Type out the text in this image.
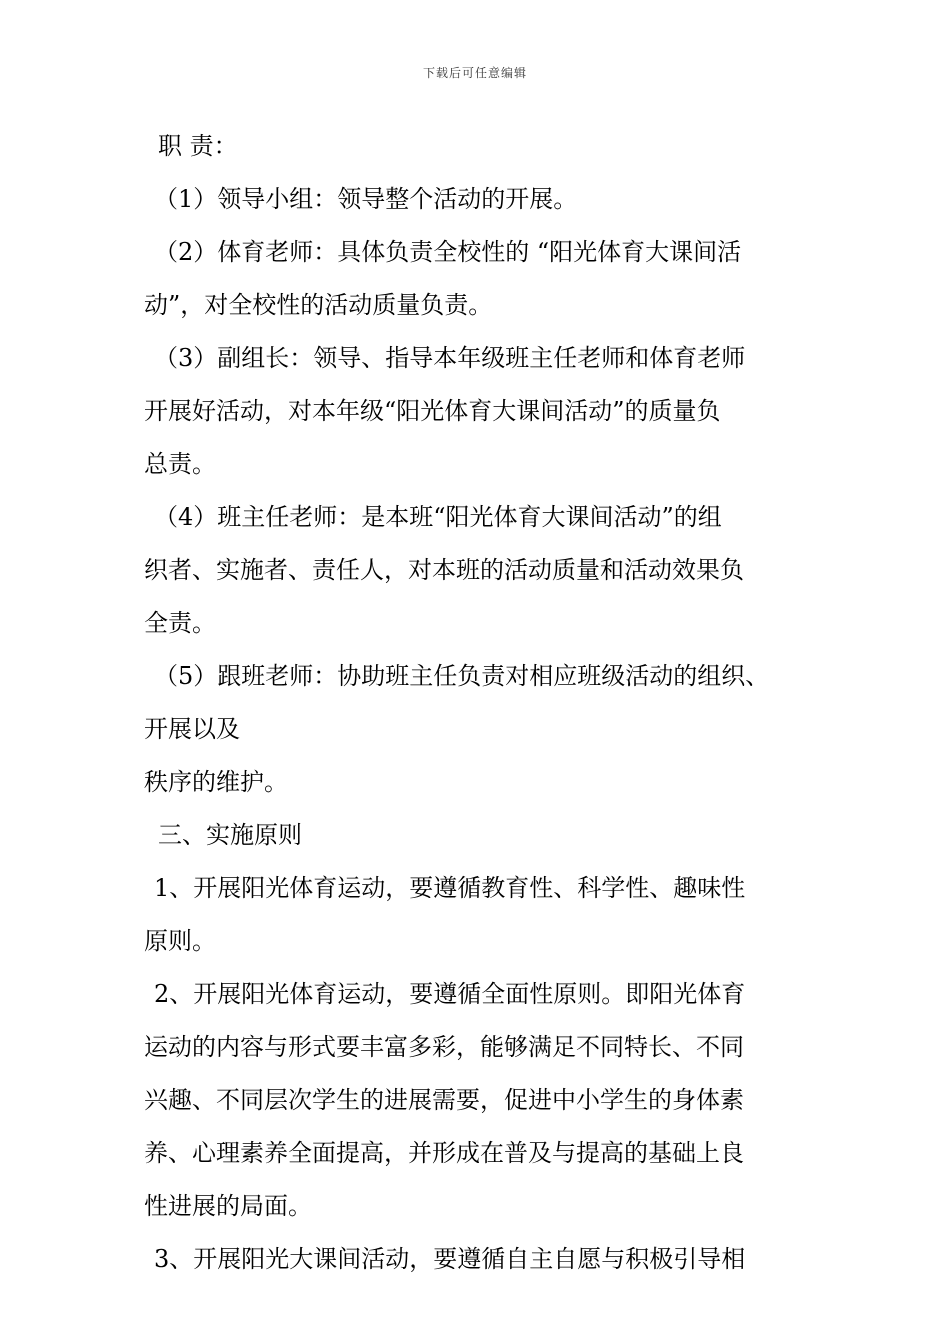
下载后可任意编辑
职 责：
（1）领导小组：领导整个活动的开展。
（2）体育老师：具体负责全校性的 “阳光体育大课间活
动”，对全校性的活动质量负责。
（3）副组长：领导、指导本年级班主任老师和体育老师
开展好活动，对本年级“阳光体育大课间活动”的质量负
总责。
（4）班主任老师：是本班“阳光体育大课间活动”的组
织者、实施者、责任人，对本班的活动质量和活动效果负
全责。
（5）跟班老师：协助班主任负责对相应班级活动的组织、
开展以及
秩序的维护。
三、实施原则
1、开展阳光体育运动，要遵循教育性、科学性、趣味性
原则。
2、开展阳光体育运动，要遵循全面性原则。即阳光体育
运动的内容与形式要丰富多彩，能够满足不同特长、不同
兴趣、不同层次学生的进展需要，促进中小学生的身体素
养、心理素养全面提高，并形成在普及与提高的基础上良
性进展的局面。
3、开展阳光大课间活动，要遵循自主自愿与积极引导相
